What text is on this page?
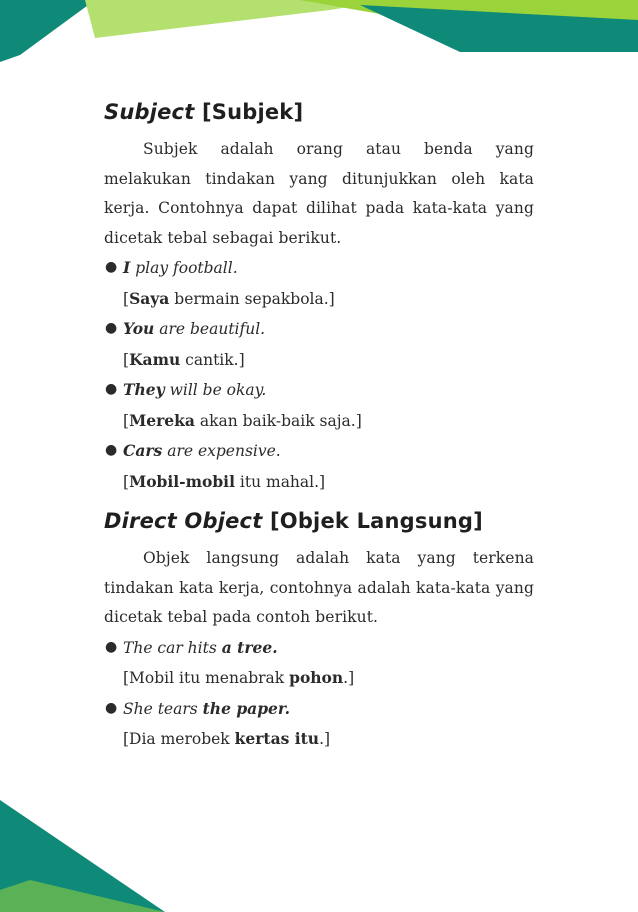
Subject [Subjek]

Subjek adalah orang atau benda yang melakukan tindakan yang ditunjukkan oleh kata kerja. Contohnya dapat dilihat pada kata-kata yang dicetak tebal sebagai berikut.

● I play football.
[Saya bermain sepakbola.]
● You are beautiful.
[Kamu cantik.]
● They will be okay.
[Mereka akan baik-baik saja.]
● Cars are expensive.
[Mobil-mobil itu mahal.]
Direct Object [Objek Langsung]

Objek langsung adalah kata yang terkena tindakan kata kerja, contohnya adalah kata-kata yang dicetak tebal pada contoh berikut.

● The car hits a tree.
[Mobil itu menabrak pohon.]
● She tears the paper.
[Dia merobek kertas itu.]
